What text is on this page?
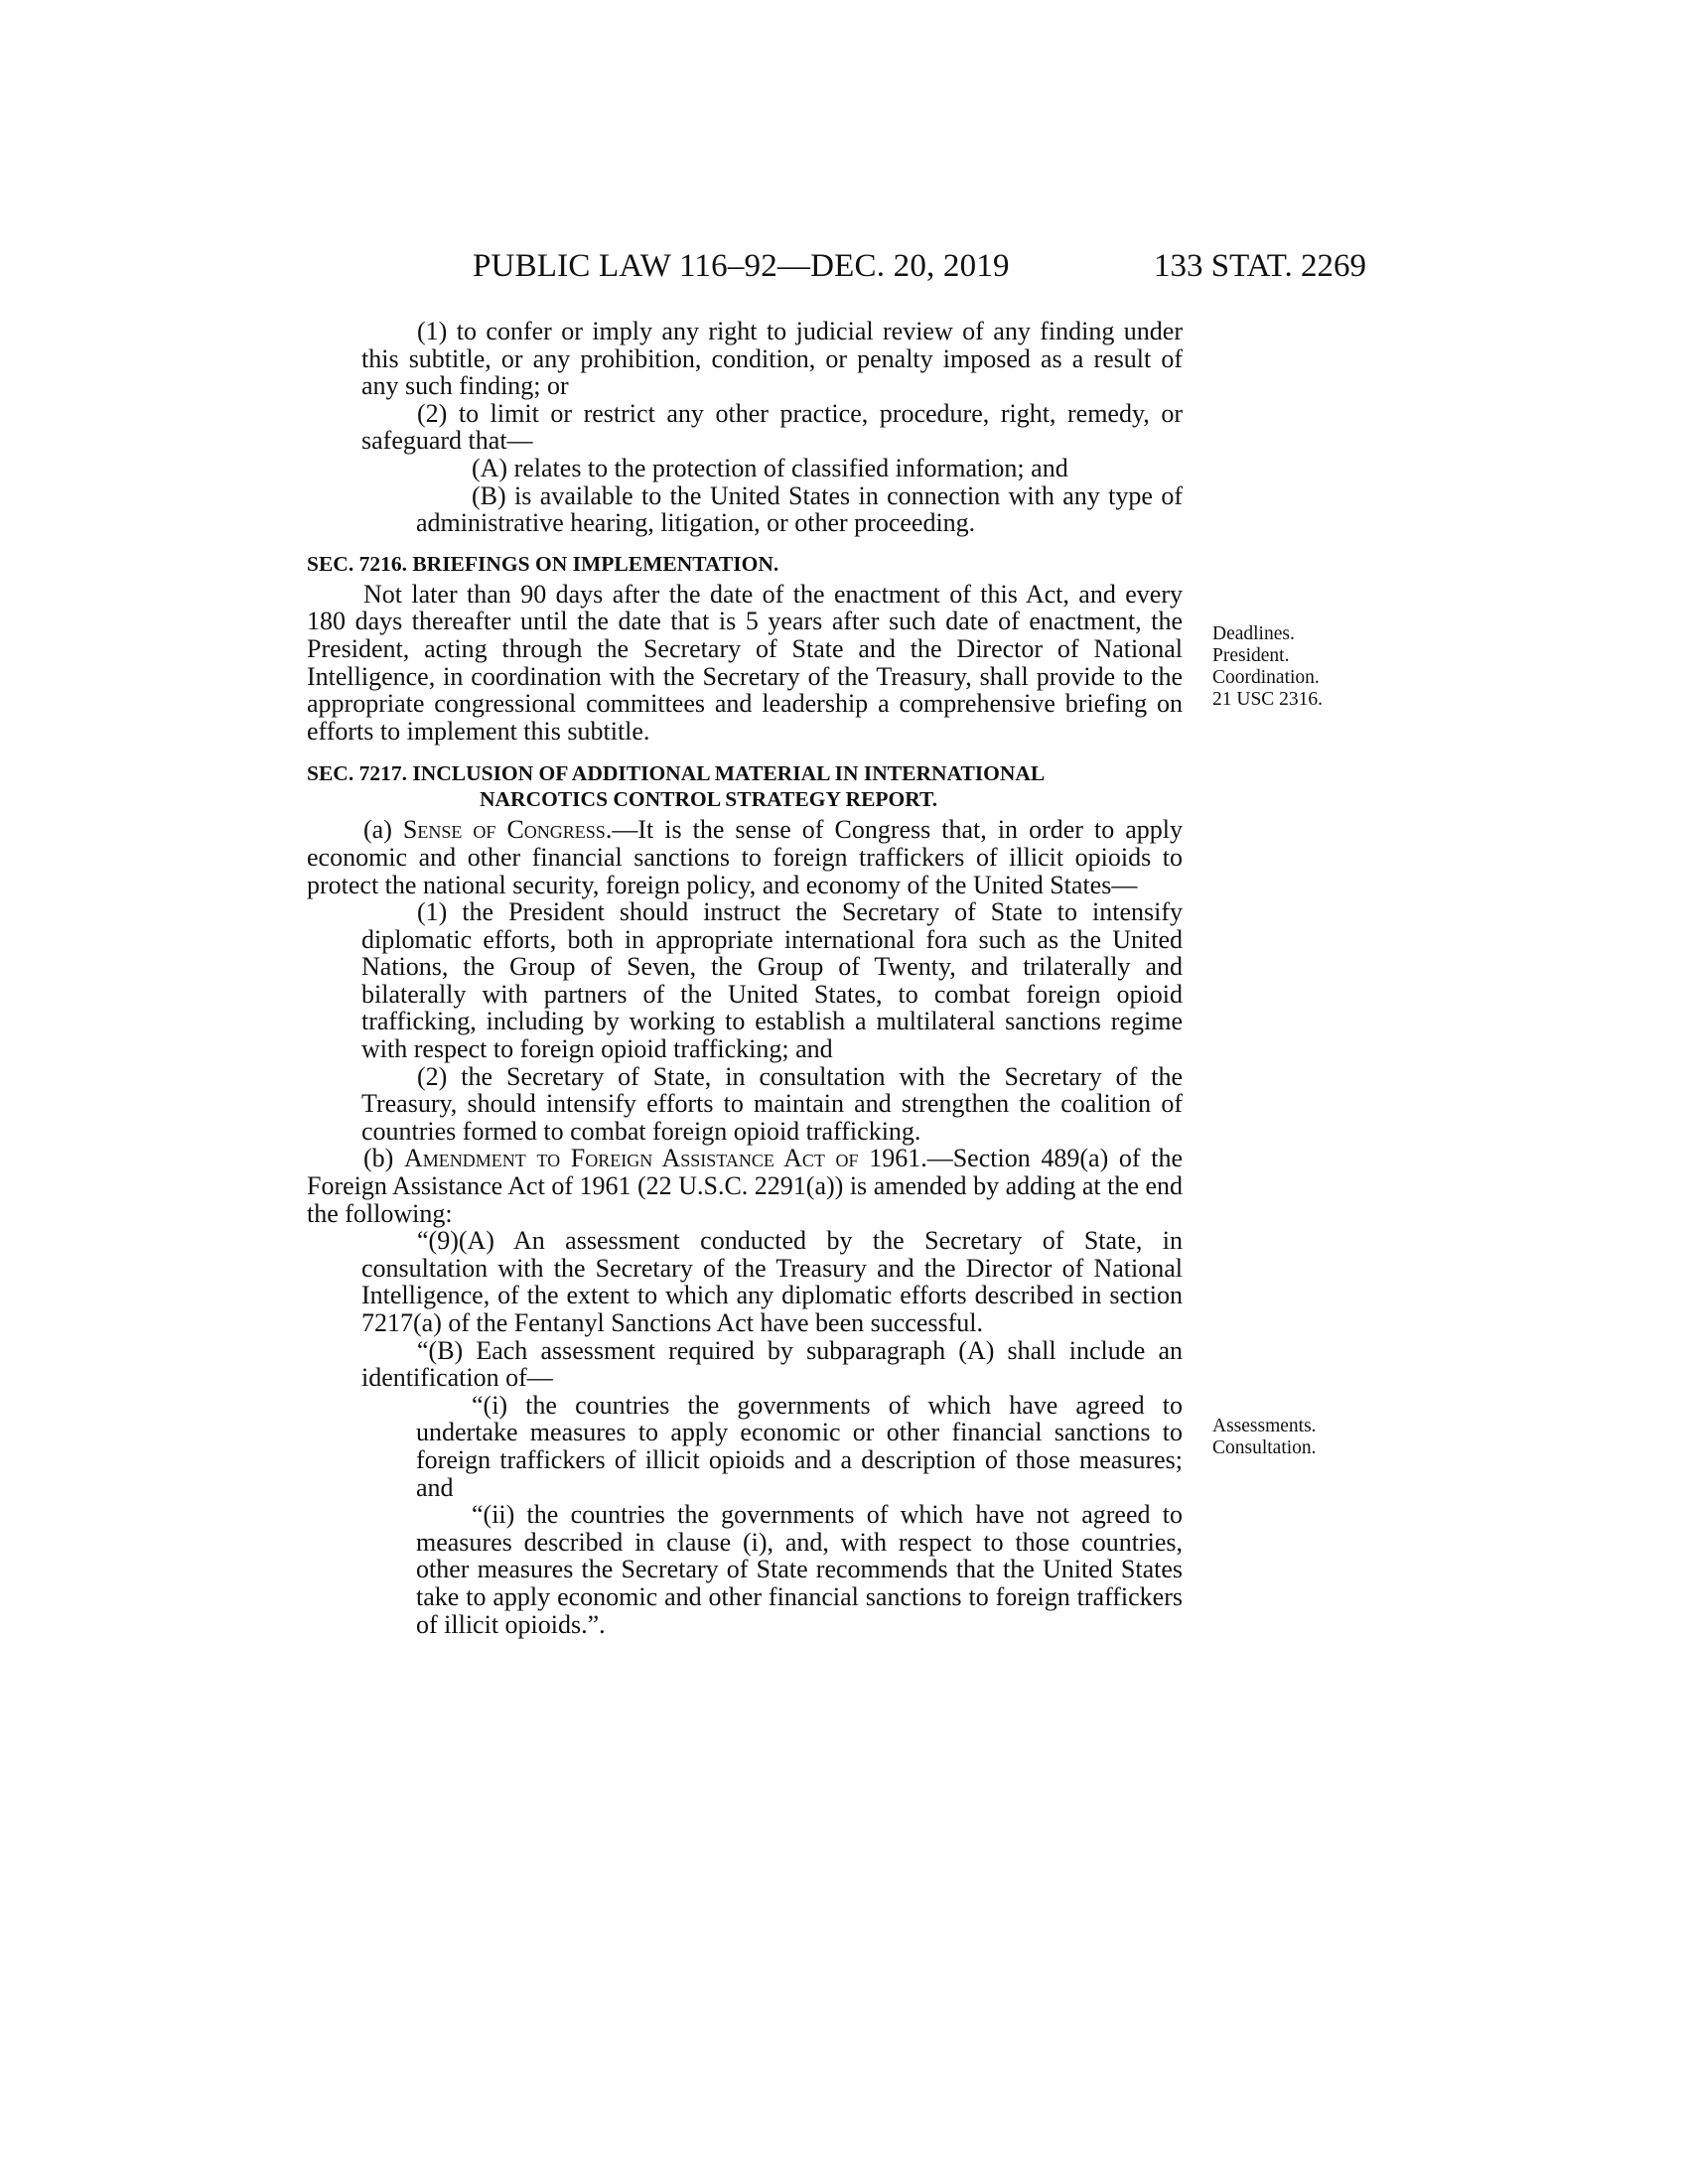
PUBLIC LAW 116–92—DEC. 20, 2019	133 STAT. 2269

(1) to confer or imply any right to judicial review of any finding under this subtitle, or any prohibition, condition, or penalty imposed as a result of any such finding; or

(2) to limit or restrict any other practice, procedure, right, remedy, or safeguard that—

(A) relates to the protection of classified information; and

(B) is available to the United States in connection with any type of administrative hearing, litigation, or other proceeding.

SEC. 7216. BRIEFINGS ON IMPLEMENTATION.

Not later than 90 days after the date of the enactment of this Act, and every 180 days thereafter until the date that is 5 years after such date of enactment, the President, acting through the Secretary of State and the Director of National Intelligence, in coordination with the Secretary of the Treasury, shall provide to the appropriate congressional committees and leadership a comprehensive briefing on efforts to implement this subtitle.

SEC. 7217. INCLUSION OF ADDITIONAL MATERIAL IN INTERNATIONAL

NARCOTICS CONTROL STRATEGY REPORT.

(a) Sense of Congress.—It is the sense of Congress that, in order to apply economic and other financial sanctions to foreign traffickers of illicit opioids to protect the national security, foreign policy, and economy of the United States—

(1) the President should instruct the Secretary of State to intensify diplomatic efforts, both in appropriate international fora such as the United Nations, the Group of Seven, the Group of Twenty, and trilaterally and bilaterally with partners of the United States, to combat foreign opioid trafficking, including by working to establish a multilateral sanctions regime with respect to foreign opioid trafficking; and

(2) the Secretary of State, in consultation with the Secretary of the Treasury, should intensify efforts to maintain and strengthen the coalition of countries formed to combat foreign opioid trafficking.

(b) Amendment to Foreign Assistance Act of 1961.—Section 489(a) of the Foreign Assistance Act of 1961 (22 U.S.C. 2291(a)) is amended by adding at the end the following:

“(9)(A) An assessment conducted by the Secretary of State, in consultation with the Secretary of the Treasury and the Director of National Intelligence, of the extent to which any diplomatic efforts described in section 7217(a) of the Fentanyl Sanctions Act have been successful.

“(B) Each assessment required by subparagraph (A) shall include an identification of—

“(i) the countries the governments of which have agreed to undertake measures to apply economic or other financial sanctions to foreign traffickers of illicit opioids and a description of those measures; and

“(ii) the countries the governments of which have not agreed to measures described in clause (i), and, with respect to those countries, other measures the Secretary of State recommends that the United States take to apply economic and other financial sanctions to foreign traffickers of illicit opioids.”.

Deadlines.
President.
Coordination.
21 USC 2316.
Assessments.
Consultation.
